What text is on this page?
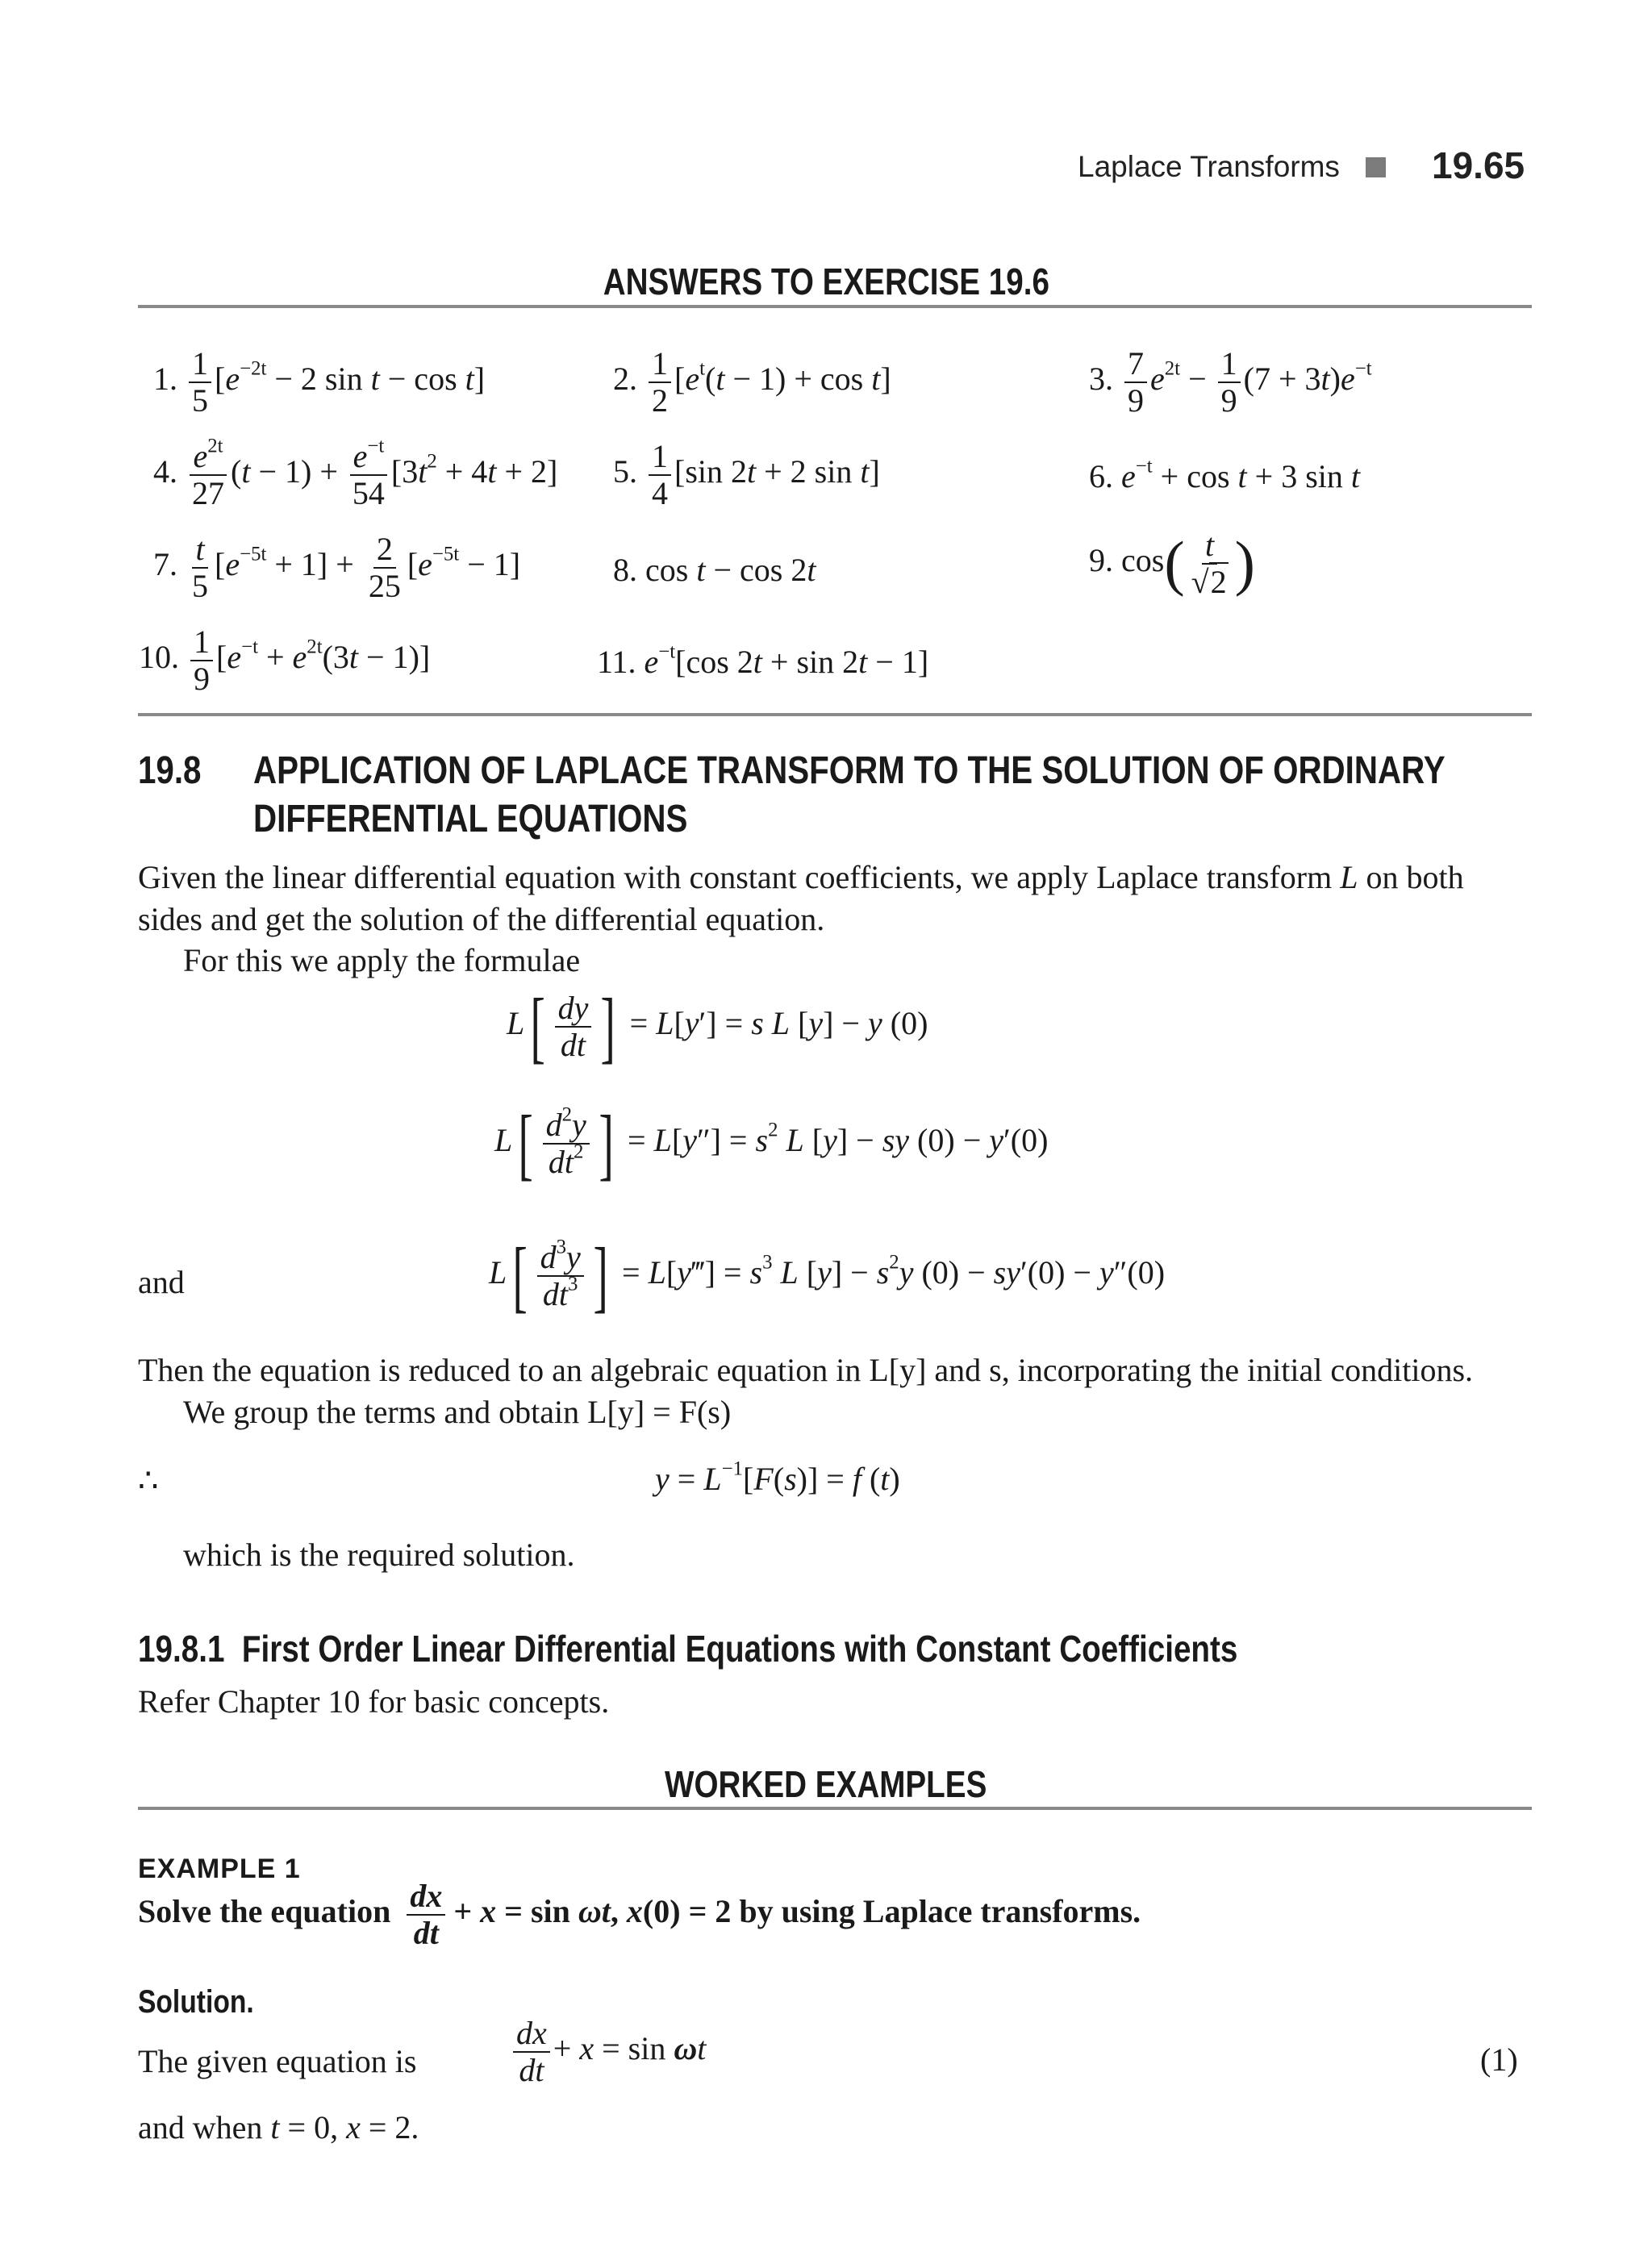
Laplace Transforms 19.65
ANSWERS TO EXERCISE 19.6
1. $\frac{1}{5} [e^{-2t} - 2$ sin t − cos t]	2. $\frac{1}{2} [e^t(t - 1) + \cos t]$	3. $\frac{7}{9} e^{2t} - \frac{1}{9} (7 + 3t)e^{-t}$
4. $\frac{e^{2t}}{27} (t - 1) + \frac{e^{-t}}{54} [3t^2 + 4t + 2]$ 5. $\frac{1}{4} [\sin$ 2t + 2 sin t]	6. $e^{-t} + \cos t + 3$ sin t
7. $\frac{t}{5} [e^{-5t} + 1] + \frac{2}{25} [e^{-5t} - 1]$	8. cos t − cos 2t	9. $\cos( \frac{t}{√2}$ )
10. $\frac{1}{9} [e^{-t} + e^{2t}(3t - 1)]$	11. $e^{-t}[\cos$ 2t + sin 2t − 1]
19.8 APPLICATION OF LAPLACE TRANSFORM TO THE SOLUTION OF ORDINARY
DIFFERENTIAL EQUATIONS
Given the linear differential equation with constant coefficients, we apply Laplace transform L on both
sides and get the solution of the differential equation.
For this we apply the formulae
$L[ \frac{dy}{dt}$ ] = L[y′] = s L [y] − y (0)
$L[ \frac{d^2y}{dt^2}$ ] = $L[y''] = s^2$ L [y] − sy (0) − y′(0)
and	$L[ \frac{d^3y}{dt^3}$ ] = L[y‴] = $s^3$ L $[y] - s^2y$ (0) − sy′(0) − y″(0)
Then the equation is reduced to an algebraic equation in L[y] and s, incorporating the initial conditions.
We group the terms and obtain L[y] = F(s)
∴	$y = L^{-1}[F(s)] = f$ (t)
which is the required solution.
19.8.1 First Order Linear Differential Equations with Constant Coefficients
Refer Chapter 10 for basic concepts.
WORKED EXAMPLES
EXAMPLE 1
Solve the equation $\frac{dx}{dt} + x = \sin \omega t$, x(0) = 2 by using Laplace transforms.
Solution.
The given equation is	$\frac{dx}{dt} + x = \sin \omega t$	(1)
and when t = 0, x = 2.
